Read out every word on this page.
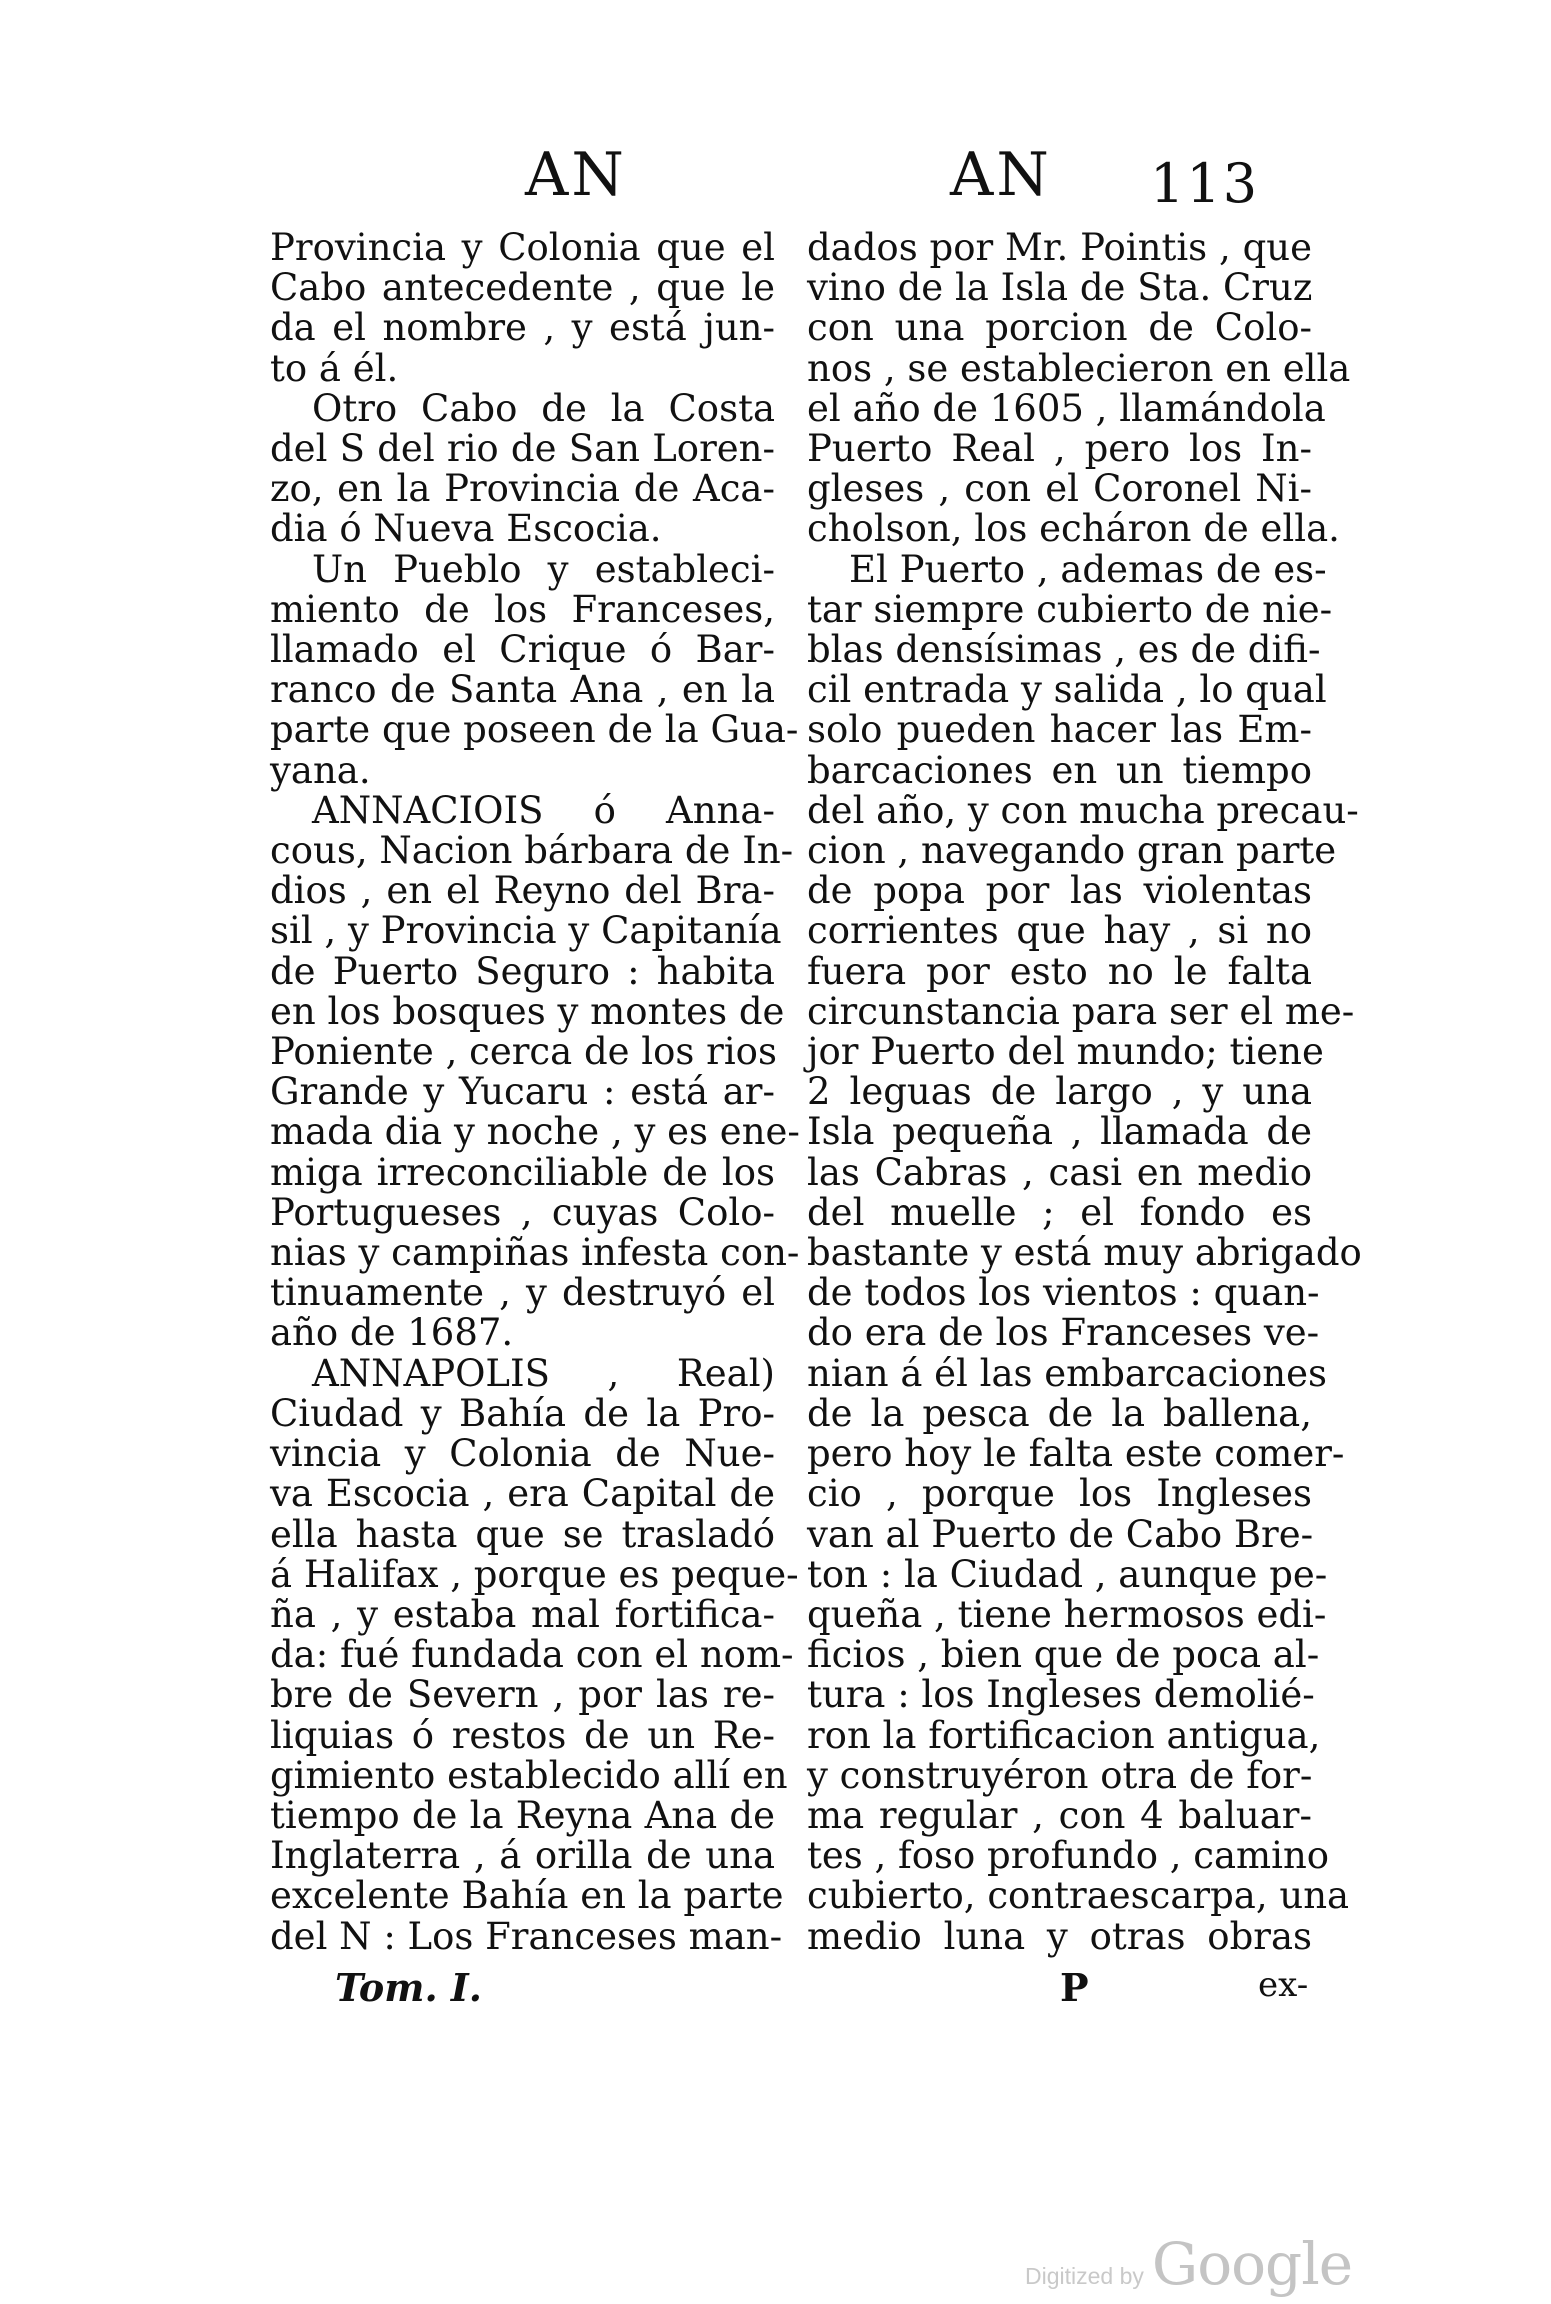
AN	AN 113
Provincia y Colonia que el
Cabo antecedente , que le
da el nombre , y está jun-
to á él.
Otro Cabo de la Costa
del S del rio de San Loren-
zo, en la Provincia de Aca-
dia ó Nueva Escocia.
Un Pueblo y estableci-
miento de los Franceses,
llamado el Crique ó Bar-
ranco de Santa Ana , en la
parte que poseen de la Gua-
yana.
ANNACIOIS ó Anna-
cous, Nacion bárbara de In-
dios , en el Reyno del Bra-
sil , y Provincia y Capitanía
de Puerto Seguro : habita
en los bosques y montes de
Poniente , cerca de los rios
Grande y Yucaru : está ar-
mada dia y noche , y es ene-
miga irreconciliable de los
Portugueses , cuyas Colo-
nias y campiñas infesta con-
tinuamente , y destruyó el
año de 1687.
ANNAPOLIS , Real)
Ciudad y Bahía de la Pro-
vincia y Colonia de Nue-
va Escocia , era Capital de
ella hasta que se trasladó
á Halifax , porque es peque-
ña , y estaba mal fortifica-
da: fué fundada con el nom-
bre de Severn , por las re-
liquias ó restos de un Re-
gimiento establecido allí en
tiempo de la Reyna Ana de
Inglaterra , á orilla de una
excelente Bahía en la parte
del N : Los Franceses man-
dados por Mr. Pointis , que
vino de la Isla de Sta. Cruz
con una porcion de Colo-
nos , se establecieron en ella
el año de 1605 , llamándola
Puerto Real , pero los In-
gleses , con el Coronel Ni-
cholson, los echáron de ella.
El Puerto , ademas de es-
tar siempre cubierto de nie-
blas densísimas , es de difi-
cil entrada y salida , lo qual
solo pueden hacer las Em-
barcaciones en un tiempo
del año, y con mucha precau-
cion , navegando gran parte
de popa por las violentas
corrientes que hay , si no
fuera por esto no le falta
circunstancia para ser el me-
jor Puerto del mundo; tiene
2 leguas de largo , y una
Isla pequeña , llamada de
las Cabras , casi en medio
del muelle ; el fondo es
bastante y está muy abrigado
de todos los vientos : quan-
do era de los Franceses ve-
nian á él las embarcaciones
de la pesca de la ballena,
pero hoy le falta este comer-
cio , porque los Ingleses
van al Puerto de Cabo Bre-
ton : la Ciudad , aunque pe-
queña , tiene hermosos edi-
ficios , bien que de poca al-
tura : los Ingleses demolié-
ron la fortificacion antigua,
y construyéron otra de for-
ma regular , con 4 baluar-
tes , foso profundo , camino
cubierto, contraescarpa, una
medio luna y otras obras
Tom. I.	P	ex-
Digitized by Google
